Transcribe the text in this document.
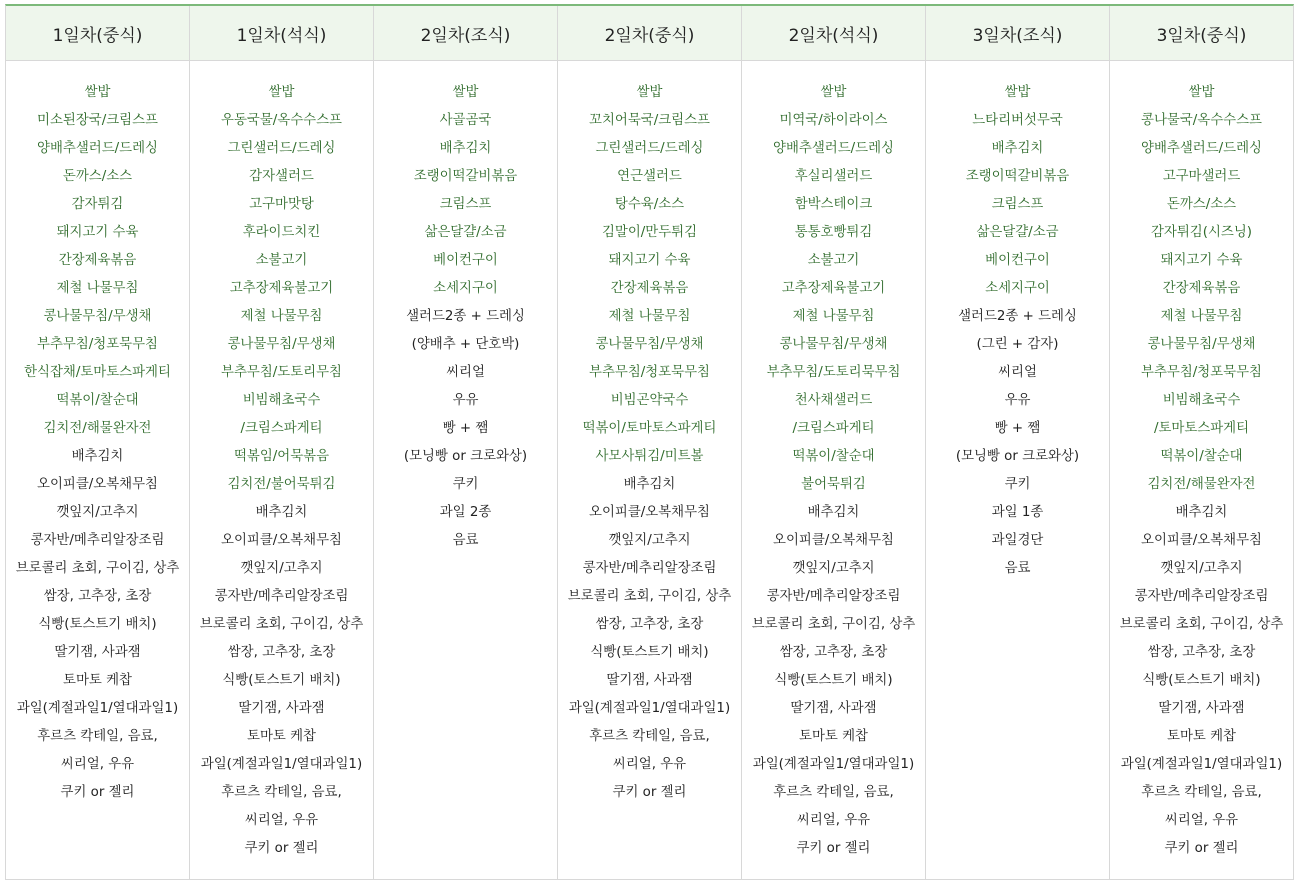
1일차(중식)
쌀밥
미소된장국/크림스프
양배추샐러드/드레싱
돈까스/소스
감자튀김
돼지고기 수육
간장제육볶음
제철 나물무침
콩나물무침/무생채
부추무침/청포묵무침
한식잡채/토마토스파게티
떡볶이/찰순대
김치전/해물완자전
배추김치
오이피클/오복채무침
깻잎지/고추지
콩자반/메추리알장조림
브로콜리 초회, 구이김, 상추
쌈장, 고추장, 초장
식빵(토스트기 배치)
딸기잼, 사과잼
토마토 케찹
과일(계절과일1/열대과일1)
후르츠 칵테일, 음료,
씨리얼, 우유
쿠키 or 젤리
1일차(석식)
쌀밥
우동국물/옥수수스프
그린샐러드/드레싱
감자샐러드
고구마맛탕
후라이드치킨
소불고기
고추장제육불고기
제철 나물무침
콩나물무침/무생채
부추무침/도토리무침
비빔해초국수
/크림스파게티
떡볶임/어묵볶음
김치전/불어묵튀김
배추김치
오이피클/오복채무침
깻잎지/고추지
콩자반/메추리알장조림
브로콜리 초회, 구이김, 상추
쌈장, 고추장, 초장
식빵(토스트기 배치)
딸기잼, 사과잼
토마토 케찹
과일(계절과일1/열대과일1)
후르츠 칵테일, 음료,
씨리얼, 우유
쿠키 or 젤리
2일차(조식)
쌀밥
사골곰국
배추김치
조랭이떡갈비볶음
크림스프
삶은달걀/소금
베이컨구이
소세지구이
샐러드2종 + 드레싱
(양배추 + 단호박)
씨리얼
우유
빵 + 쨈
(모닝빵 or 크로와상)
쿠키
과일 2종
음료
2일차(중식)
쌀밥
꼬치어묵국/크림스프
그린샐러드/드레싱
연근샐러드
탕수육/소스
김말이/만두튀김
돼지고기 수육
간장제육볶음
제철 나물무침
콩나물무침/무생채
부추무침/청포묵무침
비빔곤약국수
떡볶이/토마토스파게티
사모사튀김/미트볼
배추김치
오이피클/오복채무침
깻잎지/고추지
콩자반/메추리알장조림
브로콜리 초회, 구이김, 상추
쌈장, 고추장, 초장
식빵(토스트기 배치)
딸기잼, 사과잼
과일(계절과일1/열대과일1)
후르츠 칵테일, 음료,
씨리얼, 우유
쿠키 or 젤리
2일차(석식)
쌀밥
미역국/하이라이스
양배추샐러드/드레싱
후실리샐러드
함박스테이크
통통호빵튀김
소불고기
고추장제육불고기
제철 나물무침
콩나물무침/무생채
부추무침/도토리묵무침
천사채샐러드
/크림스파게티
떡볶이/찰순대
불어묵튀김
배추김치
오이피클/오복채무침
깻잎지/고추지
콩자반/메추리알장조림
브로콜리 초회, 구이김, 상추
쌈장, 고추장, 초장
식빵(토스트기 배치)
딸기잼, 사과잼
토마토 케찹
과일(계절과일1/열대과일1)
후르츠 칵테일, 음료,
씨리얼, 우유
쿠키 or 젤리
3일차(조식)
쌀밥
느타리버섯무국
배추김치
조랭이떡갈비볶음
크림스프
삶은달걀/소금
베이컨구이
소세지구이
샐러드2종 + 드레싱
(그린 + 감자)
씨리얼
우유
빵 + 쨈
(모닝빵 or 크로와상)
쿠키
과일 1종
과일경단
음료
3일차(중식)
쌀밥
콩나물국/옥수수스프
양배추샐러드/드레싱
고구마샐러드
돈까스/소스
감자튀김(시즈닝)
돼지고기 수육
간장제육볶음
제철 나물무침
콩나물무침/무생채
부추무침/청포묵무침
비빔해초국수
/토마토스파게티
떡볶이/찰순대
김치전/해물완자전
배추김치
오이피클/오복채무침
깻잎지/고추지
콩자반/메추리알장조림
브로콜리 초회, 구이김, 상추
쌈장, 고추장, 초장
식빵(토스트기 배치)
딸기잼, 사과잼
토마토 케찹
과일(계절과일1/열대과일1)
후르츠 칵테일, 음료,
씨리얼, 우유
쿠키 or 젤리
